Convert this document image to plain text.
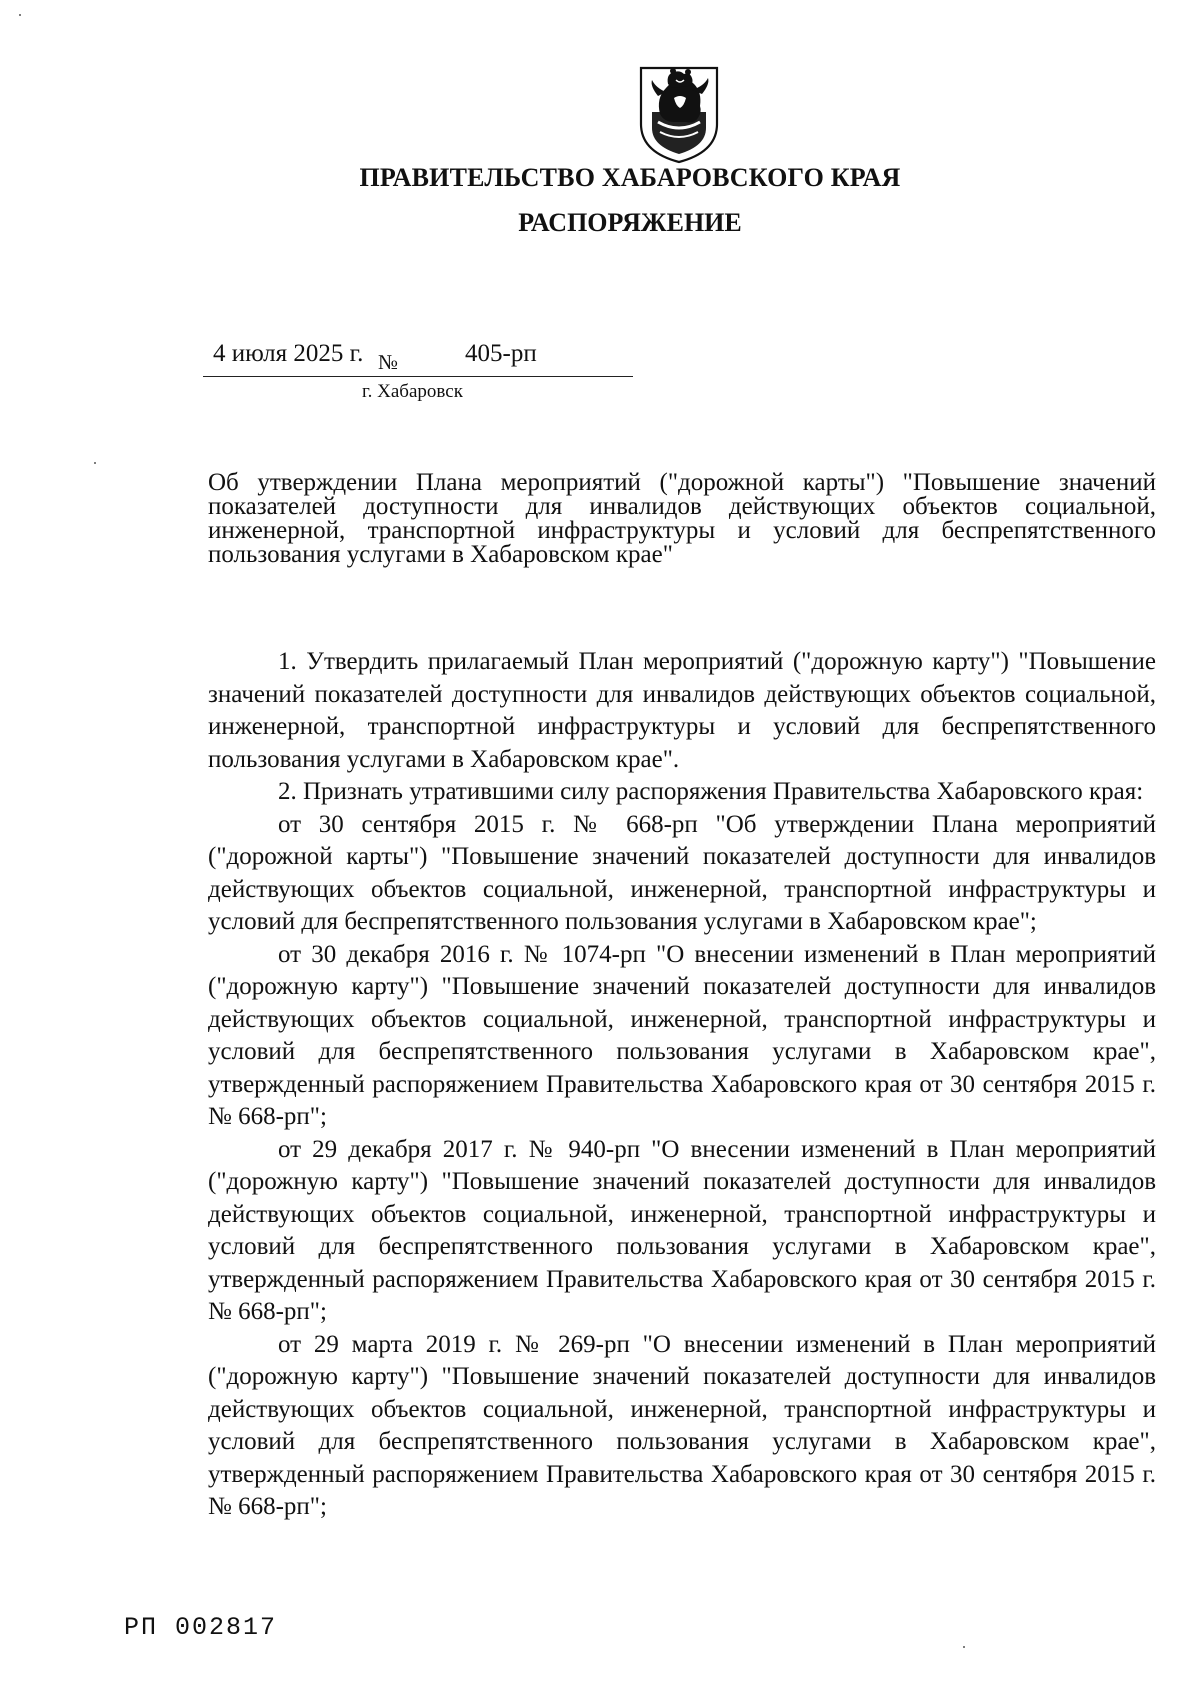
ПРАВИТЕЛЬСТВО ХАБАРОВСКОГО КРАЯ
РАСПОРЯЖЕНИЕ
4 июля 2025 г. №	405-рп
г. Хабаровск
Об утверждении Плана мероприятий ("дорожной карты") "Повышение значений показателей доступности для инвалидов действующих объектов социальной, инженерной, транспортной инфраструктуры и условий для беспрепятственного пользования услугами в Хабаровском крае"

1. Утвердить прилагаемый План мероприятий ("дорожную карту") "Повышение значений показателей доступности для инвалидов действующих объектов социальной, инженерной, транспортной инфраструктуры и условий для беспрепятственного пользования услугами в Хабаровском крае".

2. Признать утратившими силу распоряжения Правительства Хабаровского края:

от 30 сентября 2015 г. № 668-рп "Об утверждении Плана мероприятий ("дорожной карты") "Повышение значений показателей доступности для инвалидов действующих объектов социальной, инженерной, транспортной инфраструктуры и условий для беспрепятственного пользования услугами в Хабаровском крае";

от 30 декабря 2016 г. № 1074-рп "О внесении изменений в План мероприятий ("дорожную карту") "Повышение значений показателей доступности для инвалидов действующих объектов социальной, инженерной, транспортной инфраструктуры и условий для беспрепятственного пользования услугами в Хабаровском крае", утвержденный распоряжением Правительства Хабаровского края от 30 сентября 2015 г. № 668-рп";

от 29 декабря 2017 г. № 940-рп "О внесении изменений в План мероприятий ("дорожную карту") "Повышение значений показателей доступности для инвалидов действующих объектов социальной, инженерной, транспортной инфраструктуры и условий для беспрепятственного пользования услугами в Хабаровском крае", утвержденный распоряжением Правительства Хабаровского края от 30 сентября 2015 г. № 668-рп";

от 29 марта 2019 г. № 269-рп "О внесении изменений в План мероприятий ("дорожную карту") "Повышение значений показателей доступности для инвалидов действующих объектов социальной, инженерной, транспортной инфраструктуры и условий для беспрепятственного пользования услугами в Хабаровском крае", утвержденный распоряжением Правительства Хабаровского края от 30 сентября 2015 г. № 668-рп";

РП 002817
